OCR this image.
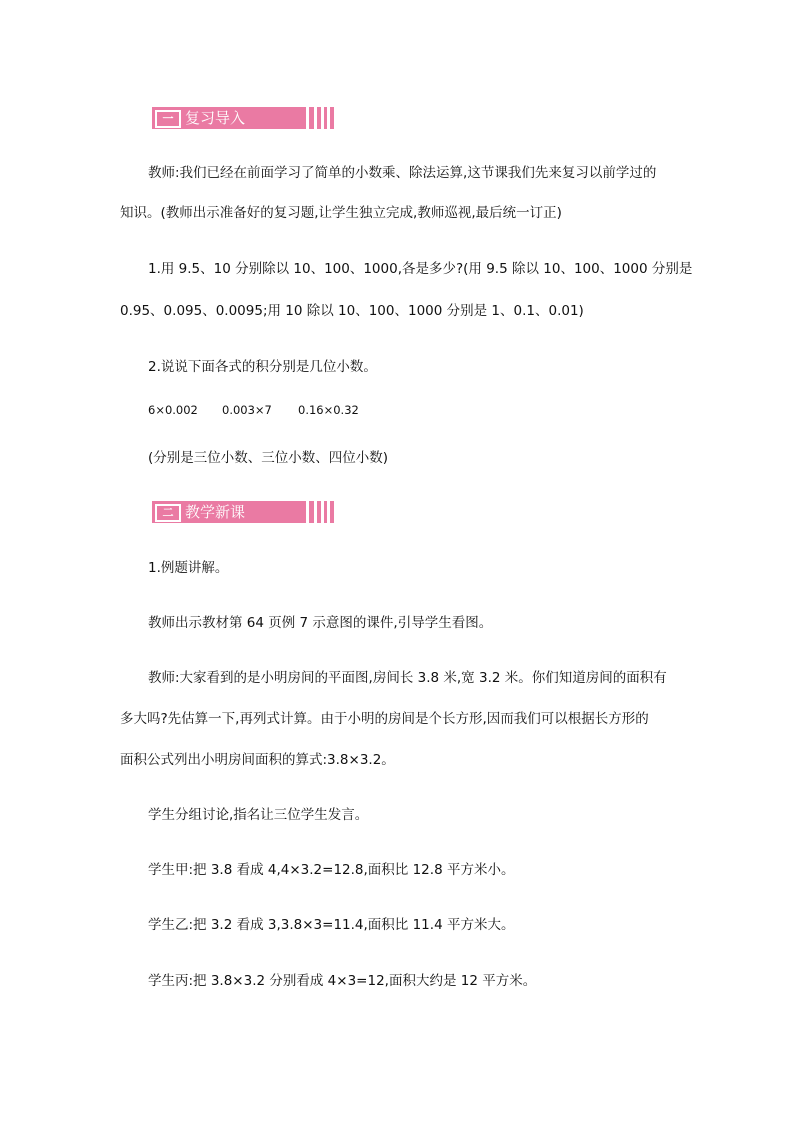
一 复习导入
教师:我们已经在前面学习了简单的小数乘、除法运算,这节课我们先来复习以前学过的
知识。(教师出示准备好的复习题,让学生独立完成,教师巡视,最后统一订正)
1.用 9.5、10 分别除以 10、100、1000,各是多少?(用 9.5 除以 10、100、1000 分别是
0.95、0.095、0.0095;用 10 除以 10、100、1000 分别是 1、0.1、0.01)
2.说说下面各式的积分别是几位小数。
6×0.002 0.003×7 0.16×0.32
(分别是三位小数、三位小数、四位小数)
二 教学新课
1.例题讲解。
教师出示教材第 64 页例 7 示意图的课件,引导学生看图。
教师:大家看到的是小明房间的平面图,房间长 3.8 米,宽 3.2 米。你们知道房间的面积有
多大吗?先估算一下,再列式计算。由于小明的房间是个长方形,因而我们可以根据长方形的
面积公式列出小明房间面积的算式:3.8×3.2。
学生分组讨论,指名让三位学生发言。
学生甲:把 3.8 看成 4,4×3.2=12.8,面积比 12.8 平方米小。
学生乙:把 3.2 看成 3,3.8×3=11.4,面积比 11.4 平方米大。
学生丙:把 3.8×3.2 分别看成 4×3=12,面积大约是 12 平方米。
